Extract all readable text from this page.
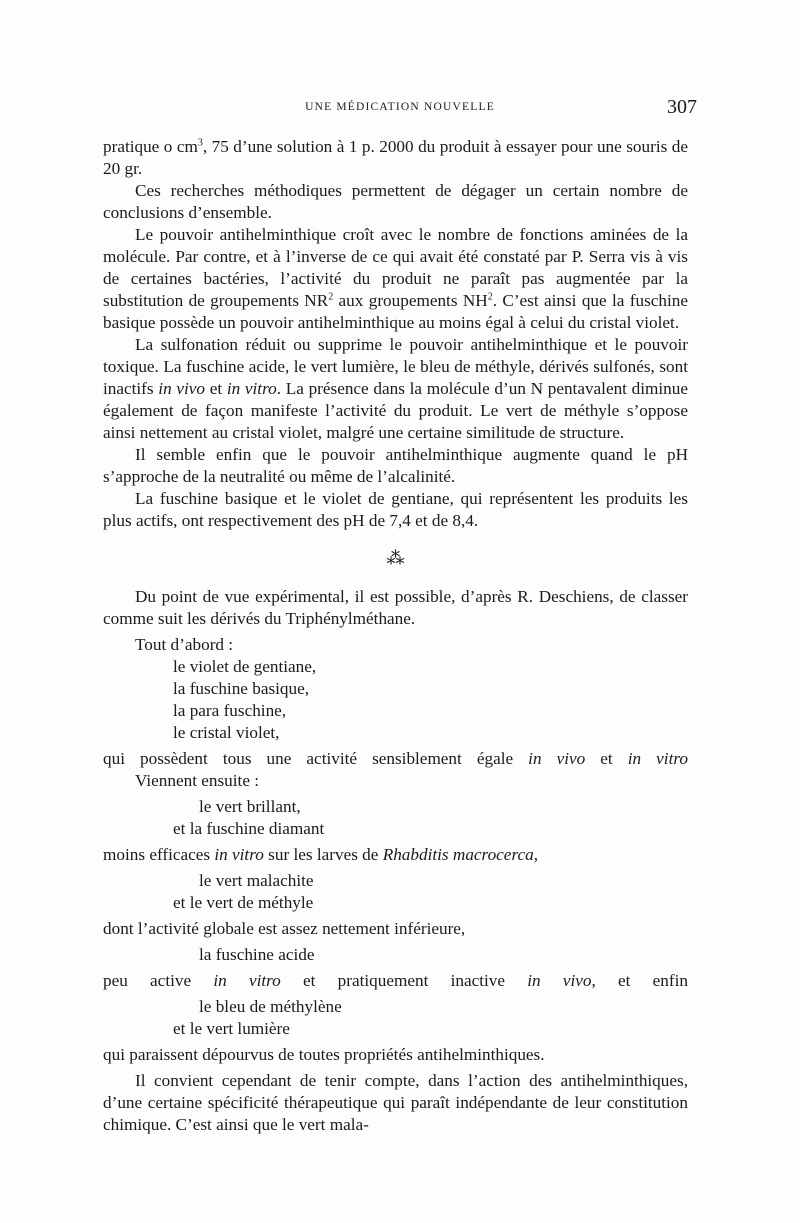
UNE MÉDICATION NOUVELLE	307

pratique o $cm^3$, 75 d’une solution à 1 p. 2000 du produit à essayer pour une souris de 20 gr.

Ces recherches méthodiques permettent de dégager un certain nombre de conclusions d’ensemble.

Le pouvoir antihelminthique croît avec le nombre de fonctions aminées de la molécule. Par contre, et à l’inverse de ce qui avait été constaté par P. Serra vis à vis de certaines bactéries, l’activité du produit ne paraît pas augmentée par la substitution de groupements $NR^2$ aux groupements $NH^2$. C’est ainsi que la fuschine basique possède un pouvoir antihelminthique au moins égal à celui du cristal violet.

La sulfonation réduit ou supprime le pouvoir antihelminthique et le pouvoir toxique. La fuschine acide, le vert lumière, le bleu de méthyle, dérivés sulfonés, sont inactifs in vivo et in vitro. La présence dans la molécule d’un N pentavalent diminue également de façon manifeste l’activité du produit. Le vert de méthyle s’oppose ainsi nettement au cristal violet, malgré une certaine similitude de structure.

Il semble enfin que le pouvoir antihelminthique augmente quand le pH s’approche de la neutralité ou même de l’alcalinité.

La fuschine basique et le violet de gentiane, qui représentent les produits les plus actifs, ont respectivement des pH de 7,4 et de 8,4.

⁂

Du point de vue expérimental, il est possible, d’après R. Deschiens, de classer comme suit les dérivés du Triphénylméthane.

Tout d’abord :

le violet de gentiane,

la fuschine basique,

la para fuschine,

le cristal violet,

qui possèdent tous une activité sensiblement égale in vivo et in vitro

Viennent ensuite :

le vert brillant,

et la fuschine diamant

moins efficaces in vitro sur les larves de Rhabditis macrocerca,

le vert malachite

et le vert de méthyle

dont l’activité globale est assez nettement inférieure,

la fuschine acide

peu active in vitro et pratiquement inactive in vivo, et enfin

le bleu de méthylène

et le vert lumière

qui paraissent dépourvus de toutes propriétés antihelminthiques.

Il convient cependant de tenir compte, dans l’action des antihelminthiques, d’une certaine spécificité thérapeutique qui paraît indépendante de leur constitution chimique. C’est ainsi que le vert mala-
